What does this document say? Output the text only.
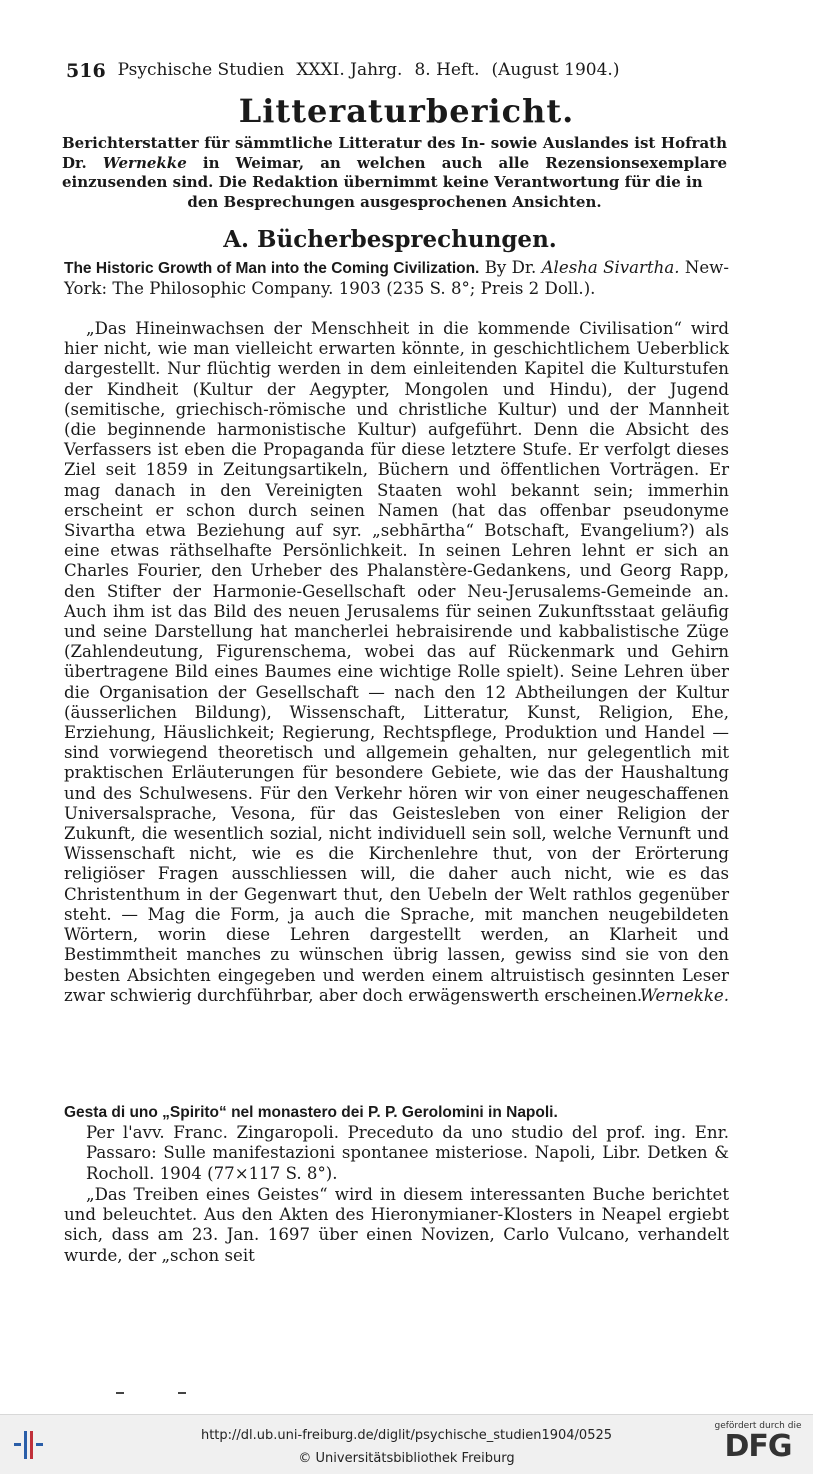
516 Psychische Studien XXXI. Jahrg. 8. Heft. (August 1904.)
Litteraturbericht.
Berichterstatter für sämmtliche Litteratur des In- sowie Auslandes ist Hofrath Dr. Wernekke in Weimar, an welchen auch alle Rezensionsexemplare einzusenden sind. Die Redaktion übernimmt keine Verantwortung für die in
den Besprechungen ausgesprochenen Ansichten.
A. Bücherbesprechungen.
The Historic Growth of Man into the Coming Civilization. By Dr. Alesha Sivartha. New-York: The Philosophic Company. 1903 (235 S. 8°; Preis 2 Doll.).

„Das Hineinwachsen der Menschheit in die kommende Civilisation“ wird hier nicht, wie man vielleicht erwarten könnte, in geschichtlichem Ueberblick dargestellt. Nur flüchtig werden in dem einleitenden Kapitel die Kulturstufen der Kindheit (Kultur der Aegypter, Mongolen und Hindu), der Jugend (semitische, griechisch-römische und christliche Kultur) und der Mannheit (die beginnende harmonistische Kultur) aufgeführt. Denn die Absicht des Verfassers ist eben die Propaganda für diese letztere Stufe. Er verfolgt dieses Ziel seit 1859 in Zeitungsartikeln, Büchern und öffentlichen Vorträgen. Er mag danach in den Vereinigten Staaten wohl bekannt sein; immerhin erscheint er schon durch seinen Namen (hat das offenbar pseudonyme Sivartha etwa Beziehung auf syr. „sebhārtha“ Botschaft, Evangelium?) als eine etwas räthselhafte Persönlichkeit. In seinen Lehren lehnt er sich an Charles Fourier, den Urheber des Phalanstère-Gedankens, und Georg Rapp, den Stifter der Harmonie-Gesellschaft oder Neu-Jerusalems-Gemeinde an. Auch ihm ist das Bild des neuen Jerusalems für seinen Zukunftsstaat geläufig und seine Darstellung hat mancherlei hebraisirende und kabbalistische Züge (Zahlendeutung, Figurenschema, wobei das auf Rückenmark und Gehirn übertragene Bild eines Baumes eine wichtige Rolle spielt). Seine Lehren über die Organisation der Gesellschaft — nach den 12 Abtheilungen der Kultur (äusserlichen Bildung), Wissenschaft, Litteratur, Kunst, Religion, Ehe, Erziehung, Häuslichkeit; Regierung, Rechtspflege, Produktion und Handel — sind vorwiegend theoretisch und allgemein gehalten, nur gelegentlich mit praktischen Erläuterungen für besondere Gebiete, wie das der Haushaltung und des Schulwesens. Für den Verkehr hören wir von einer neugeschaffenen Universalsprache, Vesona, für das Geistesleben von einer Religion der Zukunft, die wesentlich sozial, nicht individuell sein soll, welche Vernunft und Wissenschaft nicht, wie es die Kirchenlehre thut, von der Erörterung religiöser Fragen ausschliessen will, die daher auch nicht, wie es das Christenthum in der Gegenwart thut, den Uebeln der Welt rathlos gegenüber steht. — Mag die Form, ja auch die Sprache, mit manchen neugebildeten Wörtern, worin diese Lehren dargestellt werden, an Klarheit und Bestimmtheit manches zu wünschen übrig lassen, gewiss sind sie von den besten Absichten eingegeben und werden einem altruistisch gesinnten Leser zwar schwierig durchführbar, aber doch erwägenswerth erscheinen.

Wernekke.
Gesta di uno „Spirito“ nel monastero dei P. P. Gerolomini in Napoli.
Per l'avv. Franc. Zingaropoli. Preceduto da uno studio del prof. ing. Enr. Passaro: Sulle manifestazioni spontanee misteriose. Napoli, Libr. Detken & Rocholl. 1904 (77×117 S. 8°).

„Das Treiben eines Geistes“ wird in diesem interessanten Buche berichtet und beleuchtet. Aus den Akten des Hieronymianer-Klosters in Neapel ergiebt sich, dass am 23. Jan. 1697 über einen Novizen, Carlo Vulcano, verhandelt wurde, der „schon seit

http://dl.ub.uni-freiburg.de/diglit/psychische_studien1904/0525
© Universitätsbibliothek Freiburg
gefördert durch die
DFG
